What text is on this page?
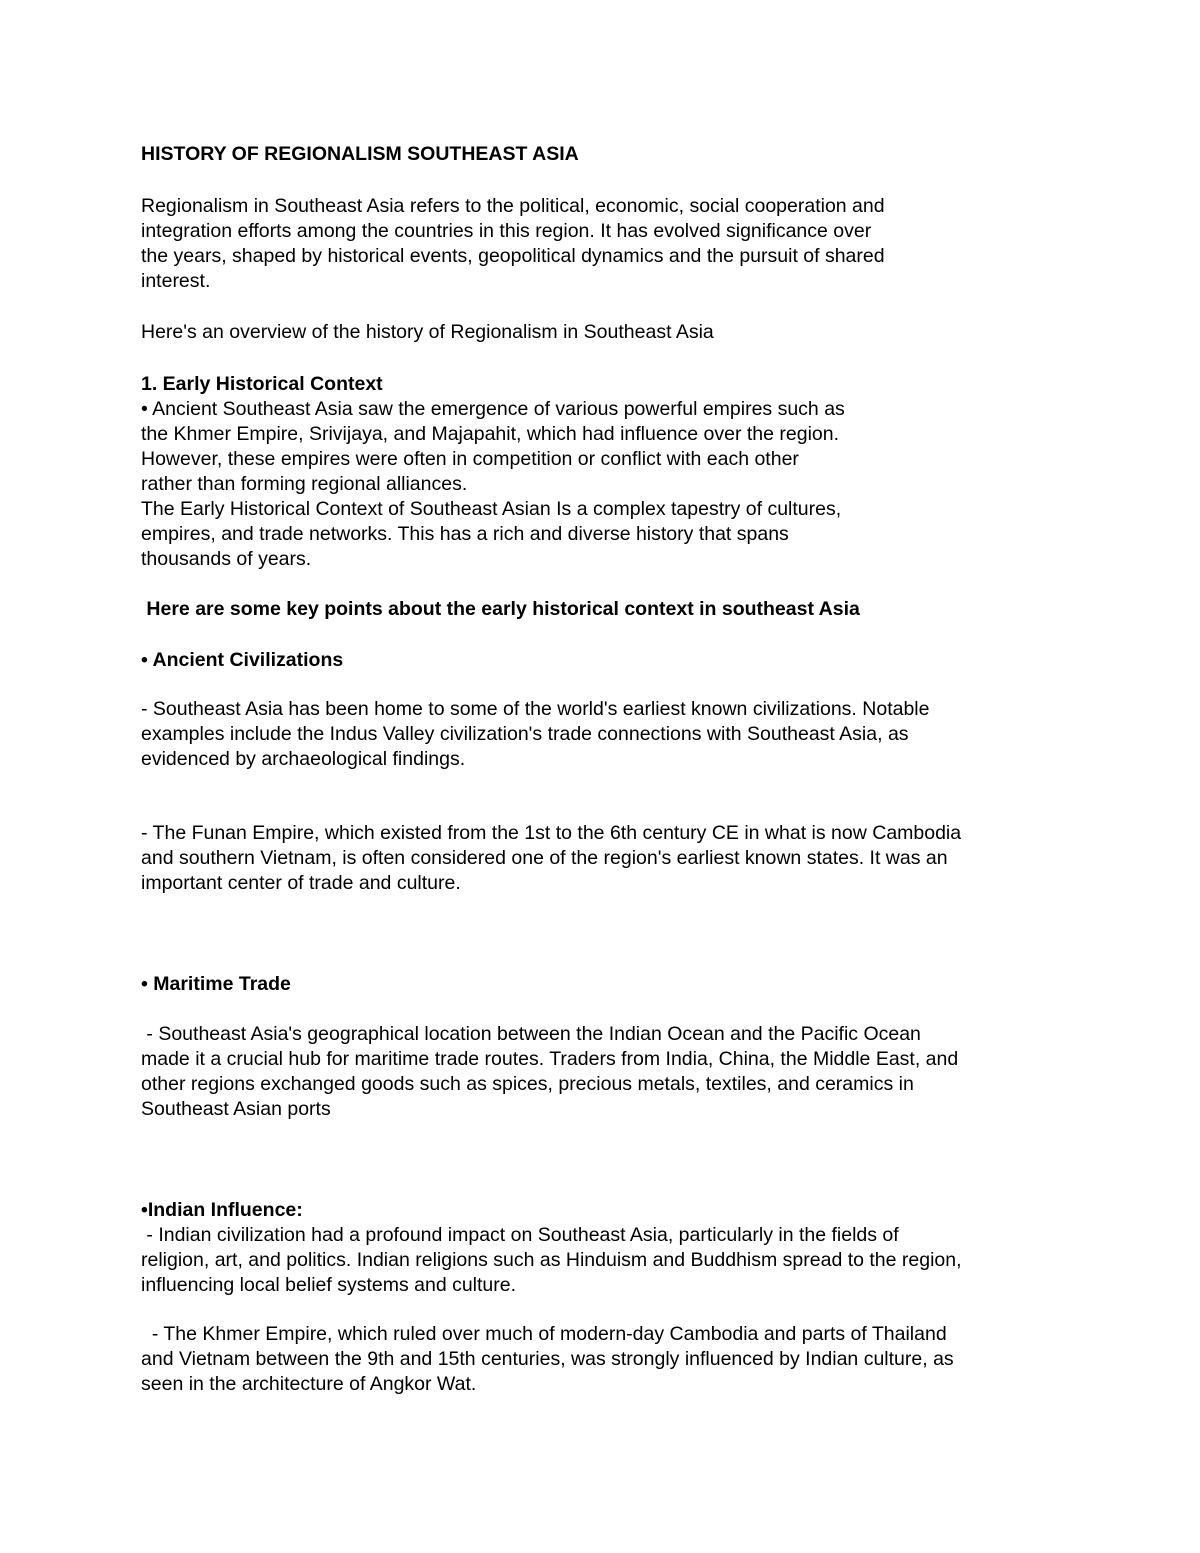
HISTORY OF REGIONALISM SOUTHEAST ASIA
Regionalism in Southeast Asia refers to the political, economic, social cooperation and
integration efforts among the countries in this region. It has evolved significance over
the years, shaped by historical events, geopolitical dynamics and the pursuit of shared
interest.
Here's an overview of the history of Regionalism in Southeast Asia
1. Early Historical Context
• Ancient Southeast Asia saw the emergence of various powerful empires such as
the Khmer Empire, Srivijaya, and Majapahit, which had influence over the region.
However, these empires were often in competition or conflict with each other
rather than forming regional alliances.
The Early Historical Context of Southeast Asian Is a complex tapestry of cultures,
empires, and trade networks. This has a rich and diverse history that spans
thousands of years.
Here are some key points about the early historical context in southeast Asia
• Ancient Civilizations
- Southeast Asia has been home to some of the world's earliest known civilizations. Notable
examples include the Indus Valley civilization's trade connections with Southeast Asia, as
evidenced by archaeological findings.
- The Funan Empire, which existed from the 1st to the 6th century CE in what is now Cambodia
and southern Vietnam, is often considered one of the region's earliest known states. It was an
important center of trade and culture.
• Maritime Trade
- Southeast Asia's geographical location between the Indian Ocean and the Pacific Ocean
made it a crucial hub for maritime trade routes. Traders from India, China, the Middle East, and
other regions exchanged goods such as spices, precious metals, textiles, and ceramics in
Southeast Asian ports
•Indian Influence:
- Indian civilization had a profound impact on Southeast Asia, particularly in the fields of
religion, art, and politics. Indian religions such as Hinduism and Buddhism spread to the region,
influencing local belief systems and culture.
- The Khmer Empire, which ruled over much of modern-day Cambodia and parts of Thailand
and Vietnam between the 9th and 15th centuries, was strongly influenced by Indian culture, as
seen in the architecture of Angkor Wat.
